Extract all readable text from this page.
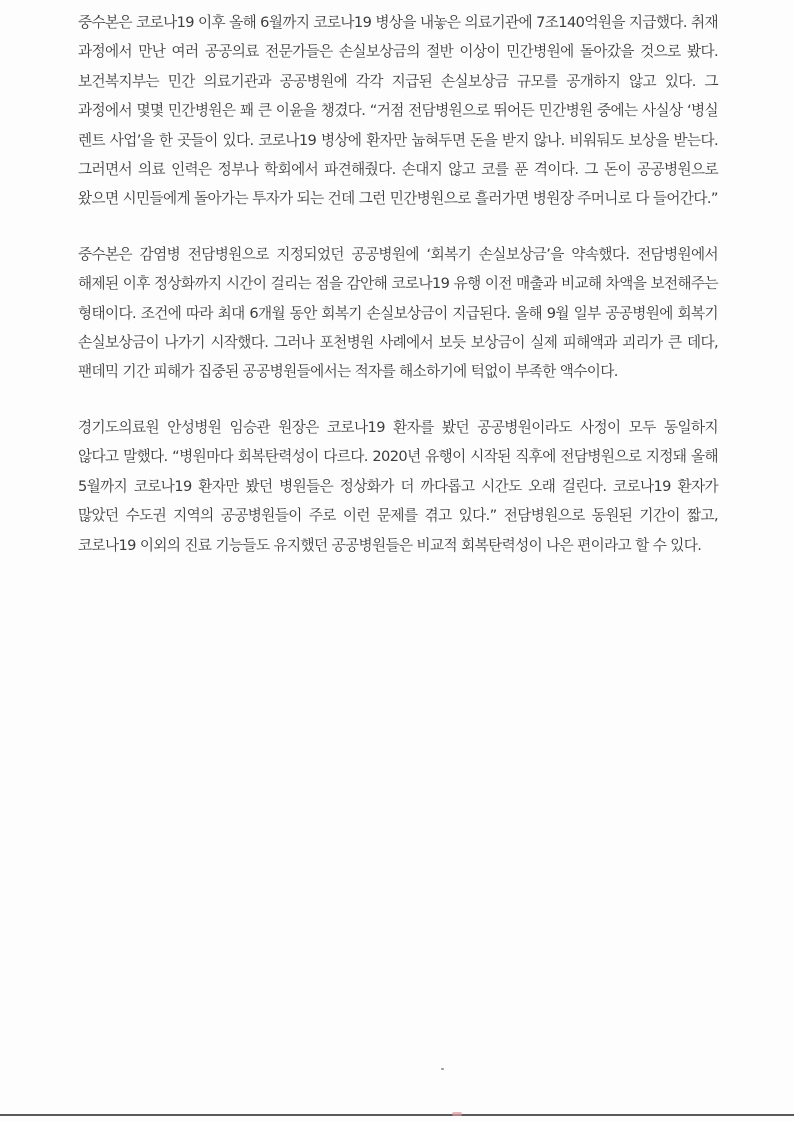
중수본은 코로나19 이후 올해 6월까지 코로나19 병상을 내놓은 의료기관에 7조140억원을 지급했다. 취재 과정에서 만난 여러 공공의료 전문가들은 손실보상금의 절반 이상이 민간병원에 돌아갔을 것으로 봤다. 보건복지부는 민간 의료기관과 공공병원에 각각 지급된 손실보상금 규모를 공개하지 않고 있다. 그 과정에서 몇몇 민간병원은 꽤 큰 이윤을 챙겼다. “거점 전담병원으로 뛰어든 민간병원 중에는 사실상 ‘병실 렌트 사업’을 한 곳들이 있다. 코로나19 병상에 환자만 눕혀두면 돈을 받지 않나. 비워둬도 보상을 받는다. 그러면서 의료 인력은 정부나 학회에서 파견해줬다. 손대지 않고 코를 푼 격이다. 그 돈이 공공병원으로 왔으면 시민들에게 돌아가는 투자가 되는 건데 그런 민간병원으로 흘러가면 병원장 주머니로 다 들어간다.”

중수본은 감염병 전담병원으로 지정되었던 공공병원에 ‘회복기 손실보상금’을 약속했다. 전담병원에서 해제된 이후 정상화까지 시간이 걸리는 점을 감안해 코로나19 유행 이전 매출과 비교해 차액을 보전해주는 형태이다. 조건에 따라 최대 6개월 동안 회복기 손실보상금이 지급된다. 올해 9월 일부 공공병원에 회복기 손실보상금이 나가기 시작했다. 그러나 포천병원 사례에서 보듯 보상금이 실제 피해액과 괴리가 큰 데다, 팬데믹 기간 피해가 집중된 공공병원들에서는 적자를 해소하기에 턱없이 부족한 액수이다.

경기도의료원 안성병원 임승관 원장은 코로나19 환자를 봤던 공공병원이라도 사정이 모두 동일하지 않다고 말했다. “병원마다 회복탄력성이 다르다. 2020년 유행이 시작된 직후에 전담병원으로 지정돼 올해 5월까지 코로나19 환자만 봤던 병원들은 정상화가 더 까다롭고 시간도 오래 걸린다. 코로나19 환자가 많았던 수도권 지역의 공공병원들이 주로 이런 문제를 겪고 있다.” 전담병원으로 동원된 기간이 짧고, 코로나19 이외의 진료 기능들도 유지했던 공공병원들은 비교적 회복탄력성이 나은 편이라고 할 수 있다.
